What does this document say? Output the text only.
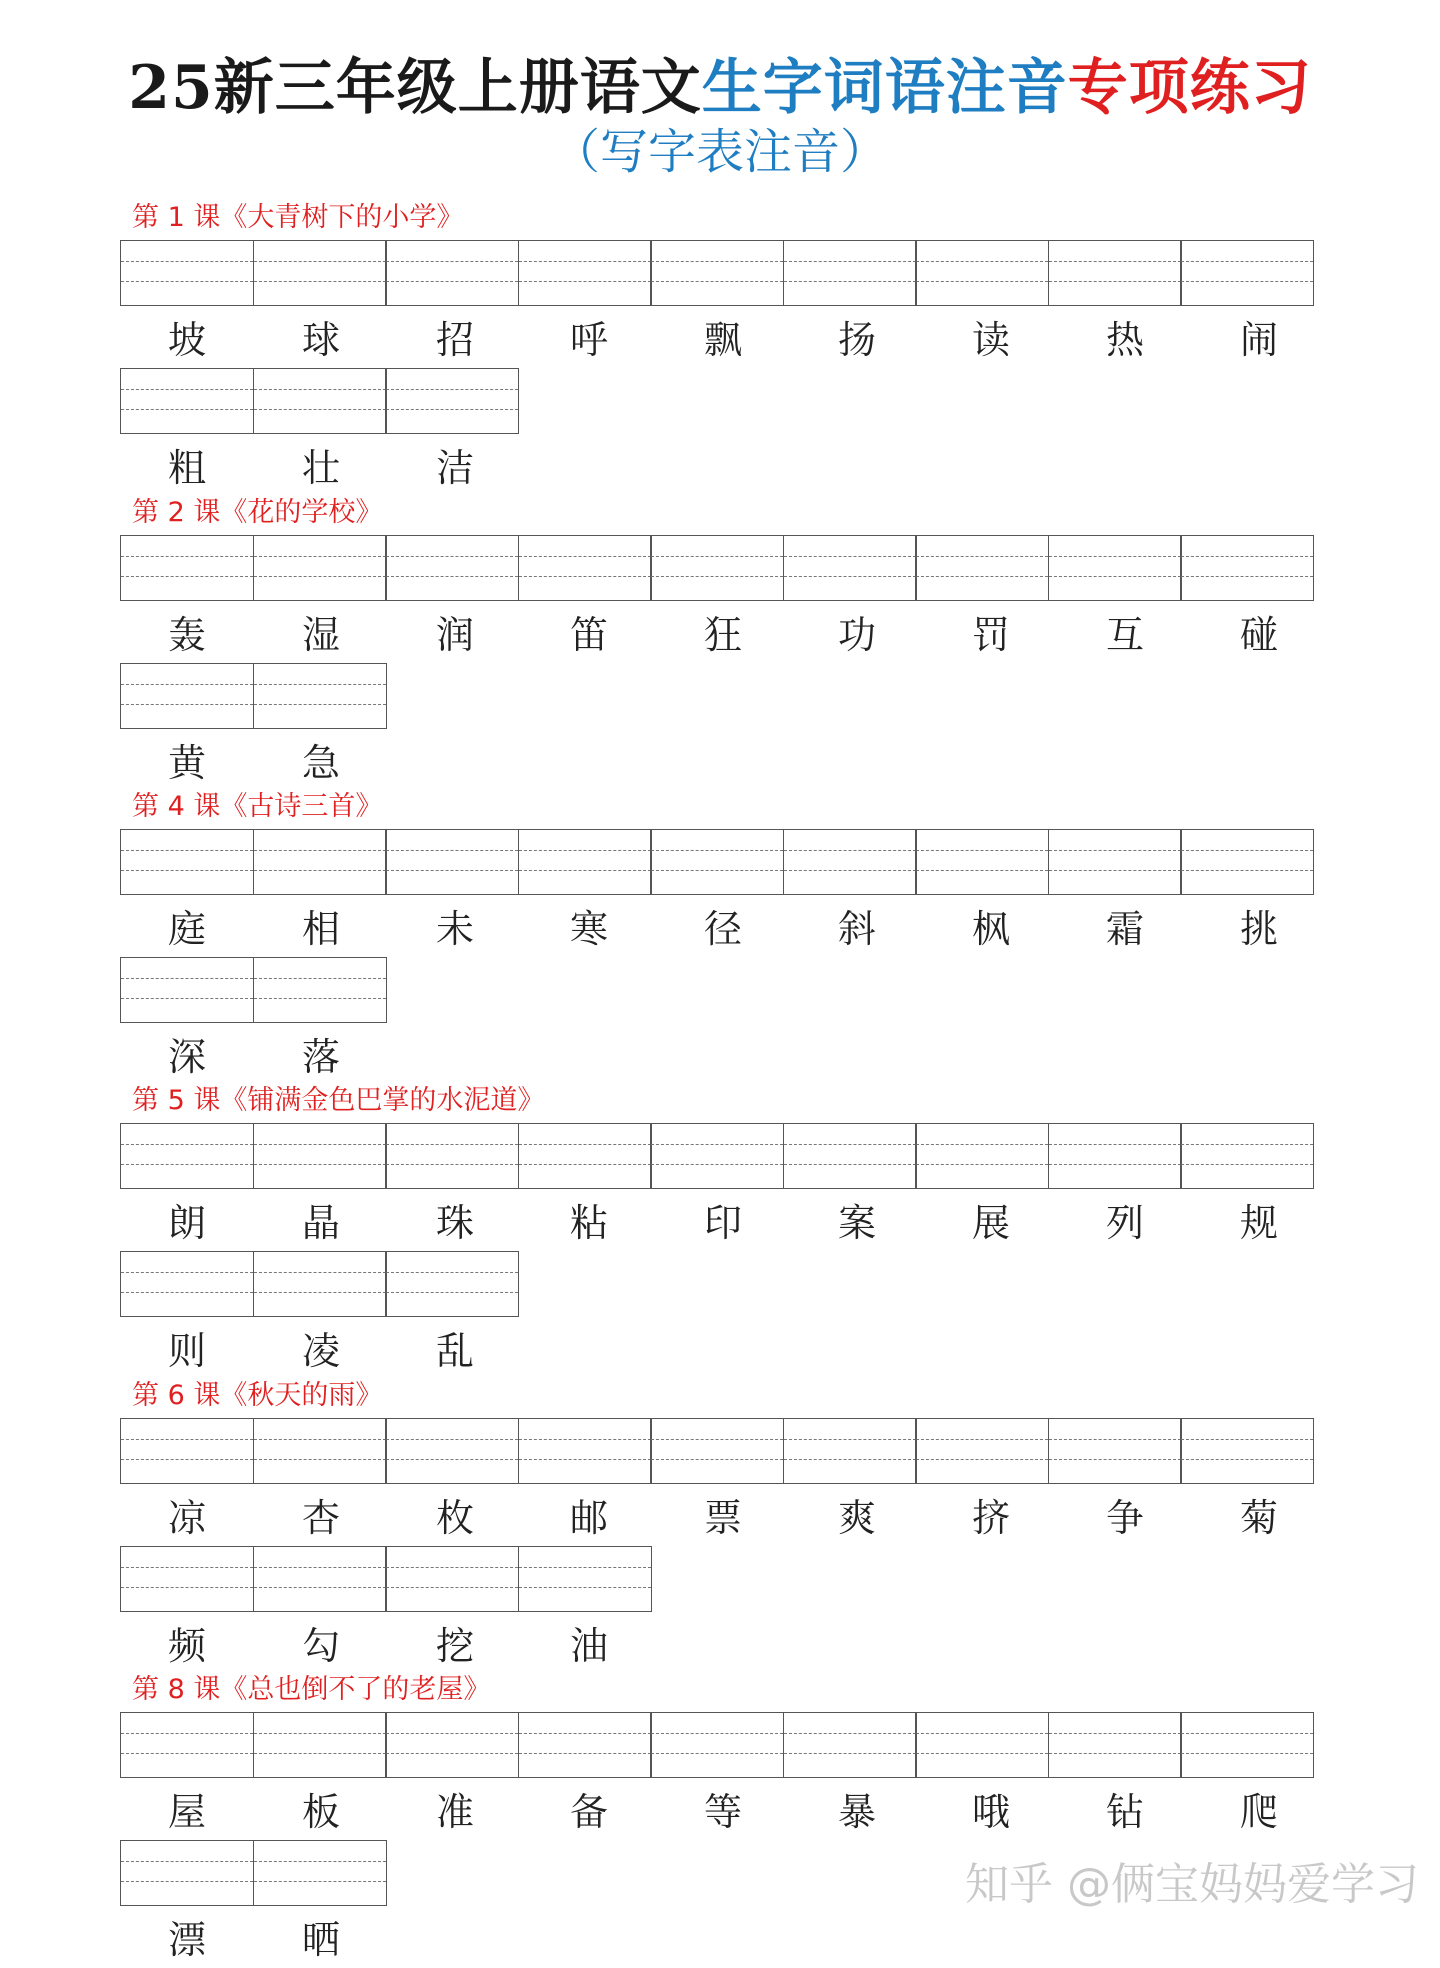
25新三年级上册语文生字词语注音专项练习
（写字表注音）
第 1 课《大青树下的小学》
坡	球	招	呼	飘	扬	读	热	闹
粗	壮	洁
第 2 课《花的学校》
轰	湿	润	笛	狂	功	罚	互	碰
黄	急
第 4 课《古诗三首》
庭	相	未	寒	径	斜	枫	霜	挑
深	落
第 5 课《铺满金色巴掌的水泥道》
朗	晶	珠	粘	印	案	展	列	规
则	凌	乱
第 6 课《秋天的雨》
凉	杏	枚	邮	票	爽	挤	争	菊
频	勾	挖	油
第 8 课《总也倒不了的老屋》
屋	板	准	备	等	暴	哦	钻	爬
漂	晒
知乎 @俩宝妈妈爱学习
